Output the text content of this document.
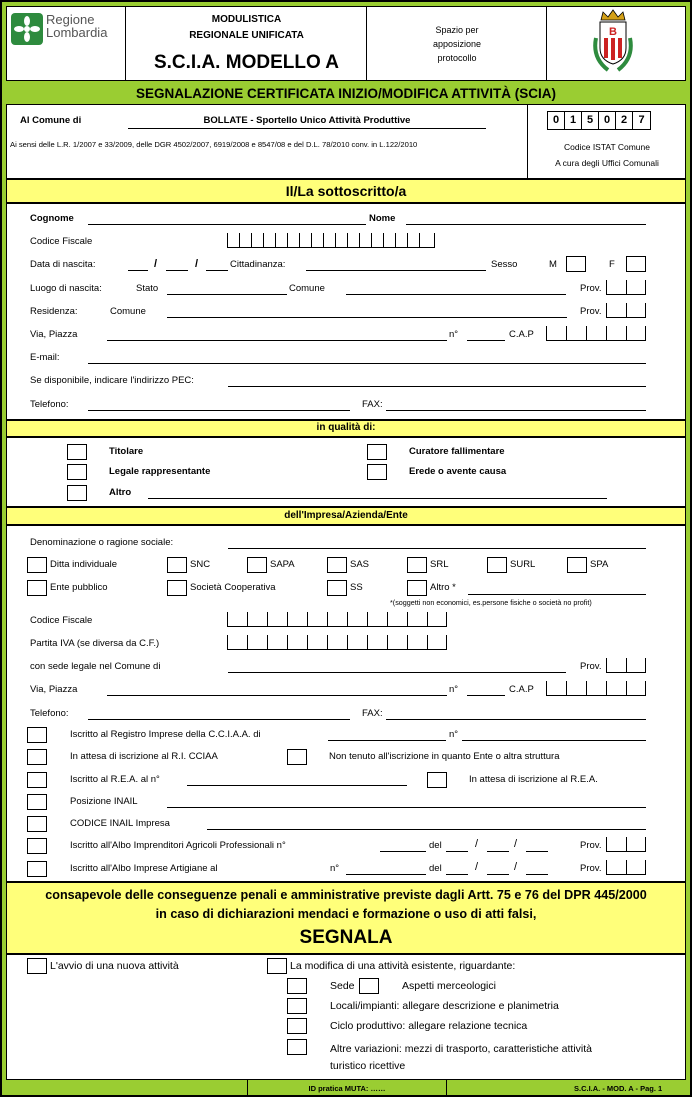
Regione
Lombardia
MODULISTICA
REGIONALE UNIFICATA
S.C.I.A. MODELLO A
Spazio per
apposizione
protocollo
B
SEGNALAZIONE CERTIFICATA INIZIO/MODIFICA ATTIVITÀ (SCIA)
Al Comune di	BOLLATE - Sportello Unico Attività Produttive
Ai sensi delle L.R. 1/2007 e 33/2009, delle DGR 4502/2007, 6919/2008 e 8547/08 e del D.L. 78/2010 conv. in L.122/2010
0 1 5 0 2	7
Codice ISTAT Comune
A cura degli Uffici Comunali
Il/La sottoscritto/a
Cognome	Nome
Codice Fiscale
Data di nascita:	/	/	Cittadinanza:	Sesso	M	F
Luogo di nascita:	Stato	Comune	Prov.
Residenza:	Comune	Prov.
Via, Piazza	n°	C.A.P
E-mail:
Se disponibile, indicare l'indirizzo PEC:
Telefono:	FAX:
in qualità di:
Titolare
Legale rappresentante
Altro
Curatore fallimentare
Erede o avente causa
dell'Impresa/Azienda/Ente
Denominazione o ragione sociale:
Ditta individuale	SNC	SAPA	SAS	SRL	SURL	SPA
Ente pubblico	Società Cooperativa	SS	Altro *
*(soggetti non economici, es.persone fisiche o società no profit)
Codice Fiscale
Partita IVA (se diversa da C.F.)
con sede legale nel Comune di	Prov.
Via, Piazza	n°	C.A.P
Telefono:	FAX:
Iscritto al Registro Imprese della C.C.I.A.A. di	n°
In attesa di iscrizione al R.I. CCIAA	Non tenuto all'iscrizione in quanto Ente o altra struttura
Iscritto al R.E.A. al n°	In attesa di iscrizione al R.E.A.
Posizione INAIL
CODICE INAIL Impresa
Iscritto all'Albo Imprenditori Agricoli Professionali n°	del	/	/	Prov.
Iscritto all'Albo Imprese Artigiane al	n°	del	/	/	Prov.
consapevole delle conseguenze penali e amministrative previste dagli Artt. 75 e 76 del DPR 445/2000
in caso di dichiarazioni mendaci e formazione o uso di atti falsi,
SEGNALA
L'avvio di una nuova attività	La modifica di una attività esistente, riguardante:
Sede	Aspetti merceologici
Locali/impianti: allegare descrizione e planimetria
Ciclo produttivo: allegare relazione tecnica
Altre variazioni: mezzi di trasporto, caratteristiche attività
turistico ricettive
ID pratica MUTA: ……	S.C.I.A. - MOD. A - Pag. 1
